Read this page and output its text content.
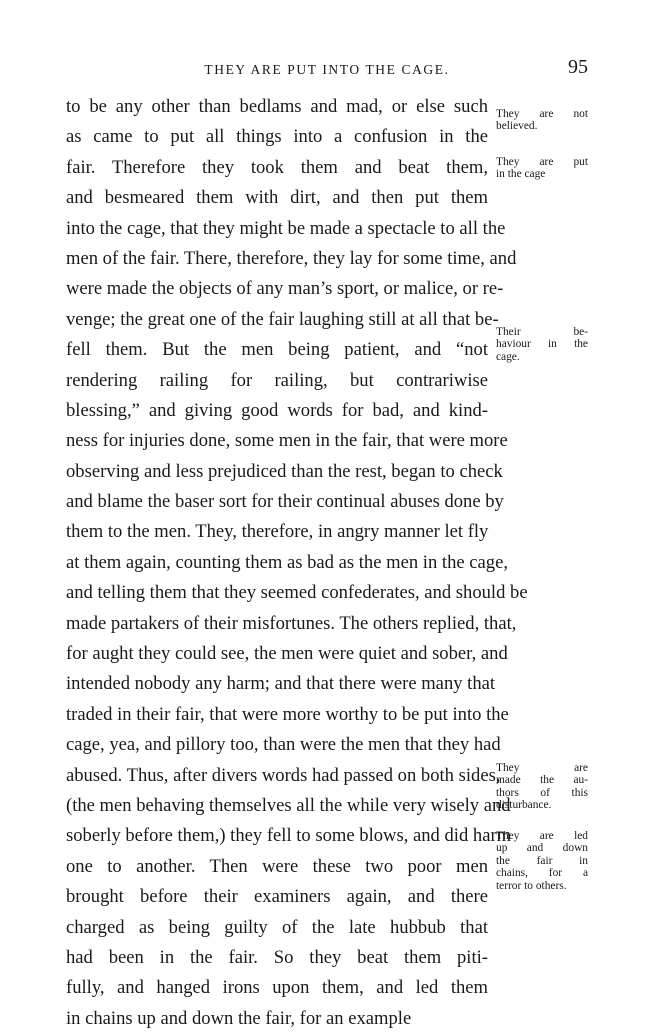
THEY ARE PUT INTO THE CAGE.	95
to be any other than bedlams and mad, or else such
as came to put all things into a confusion in the
fair. Therefore they took them and beat them,
and besmeared them with dirt, and then put them
into the cage, that they might be made a spectacle to all the
men of the fair. There, therefore, they lay for some time, and
were made the objects of any man’s sport, or malice, or re-
venge; the great one of the fair laughing still at all that be-
fell them. But the men being patient, and “not
rendering railing for railing, but contrariwise
blessing,” and giving good words for bad, and kind-
ness for injuries done, some men in the fair, that were more
observing and less prejudiced than the rest, began to check
and blame the baser sort for their continual abuses done by
them to the men. They, therefore, in angry manner let fly
at them again, counting them as bad as the men in the cage,
and telling them that they seemed confederates, and should be
made partakers of their misfortunes. The others replied, that,
for aught they could see, the men were quiet and sober, and
intended nobody any harm; and that there were many that
traded in their fair, that were more worthy to be put into the
cage, yea, and pillory too, than were the men that they had
abused. Thus, after divers words had passed on both sides,
(the men behaving themselves all the while very wisely and
soberly before them,) they fell to some blows, and did harm
one to another. Then were these two poor men
brought before their examiners again, and there
charged as being guilty of the late hubbub that
had been in the fair. So they beat them piti-
fully, and hanged irons upon them, and led them
in chains up and down the fair, for an example
They are not
believed.
They are put
in the cage
Their be-
haviour in the
cage.
They are
made the au-
thors of this
disturbance.
They are led
up and down
the fair in
chains, for a
terror to others.
